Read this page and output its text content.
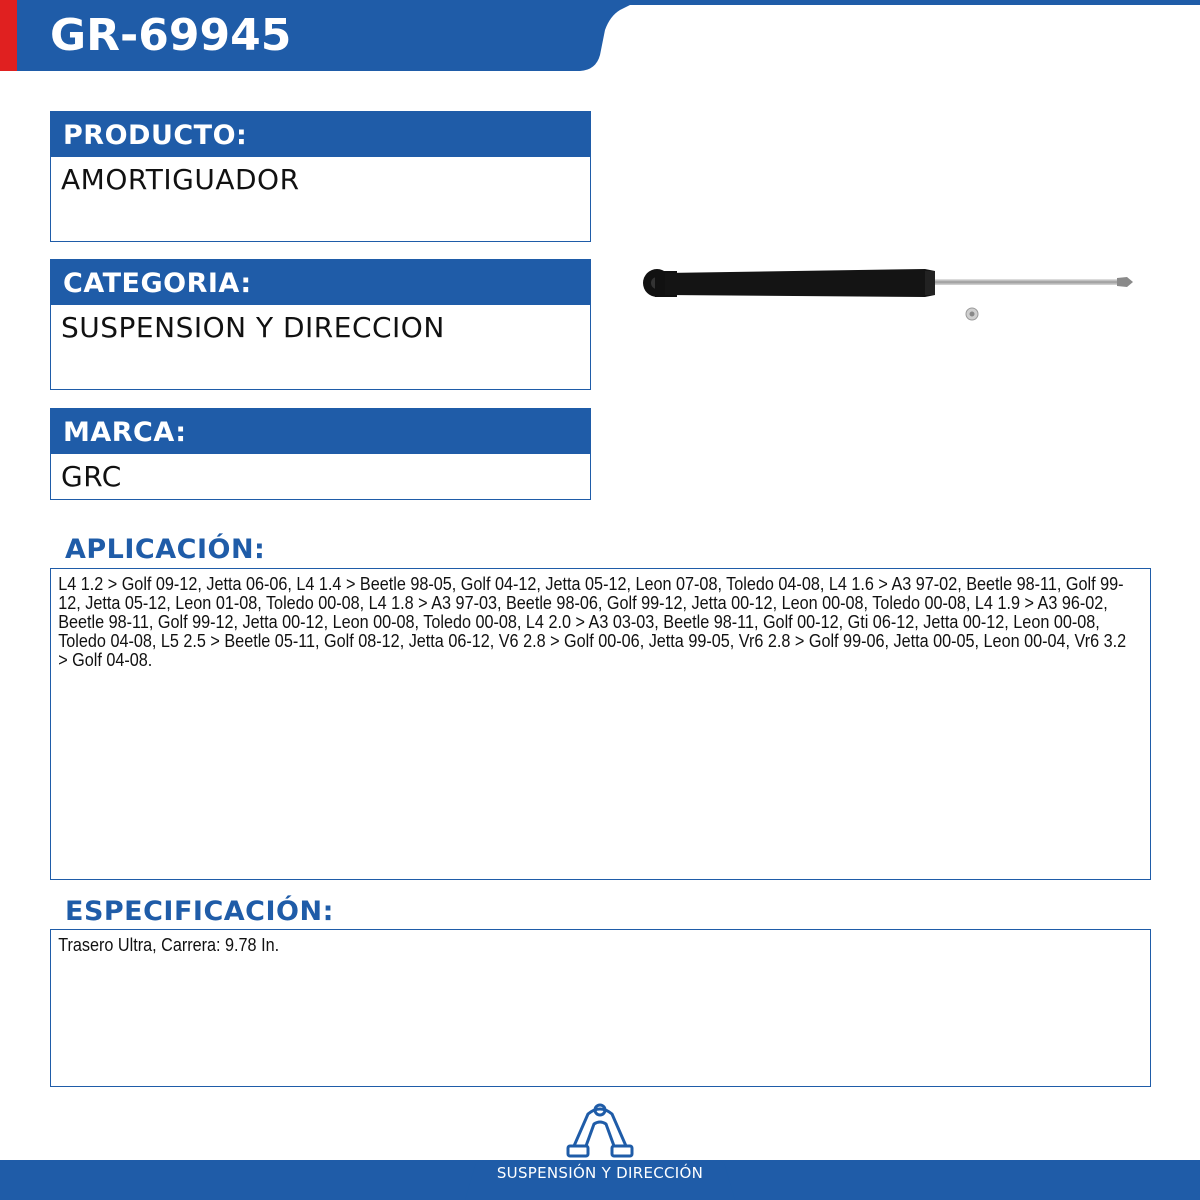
GR-69945
PRODUCTO:
AMORTIGUADOR
CATEGORIA:
SUSPENSION Y DIRECCION
MARCA:
GRC
APLICACIÓN:
L4 1.2 > Golf 09-12, Jetta 06-06, L4 1.4 > Beetle 98-05, Golf 04-12, Jetta 05-12, Leon 07-08, Toledo 04-08, L4 1.6 > A3 97-02, Beetle 98-11, Golf 99-12, Jetta 05-12, Leon 01-08, Toledo 00-08, L4 1.8 > A3 97-03, Beetle 98-06, Golf 99-12, Jetta 00-12, Leon 00-08, Toledo 00-08, L4 1.9 > A3 96-02, Beetle 98-11, Golf 99-12, Jetta 00-12, Leon 00-08, Toledo 00-08, L4 2.0 > A3 03-03, Beetle 98-11, Golf 00-12, Gti 06-12, Jetta 00-12, Leon 00-08, Toledo 04-08, L5 2.5 > Beetle 05-11, Golf 08-12, Jetta 06-12, V6 2.8 > Golf 00-06, Jetta 99-05, Vr6 2.8 > Golf 99-06, Jetta 00-05, Leon 00-04, Vr6 3.2 > Golf 04-08.
ESPECIFICACIÓN:
Trasero Ultra, Carrera: 9.78 In.
SUSPENSIÓN Y DIRECCIÓN
